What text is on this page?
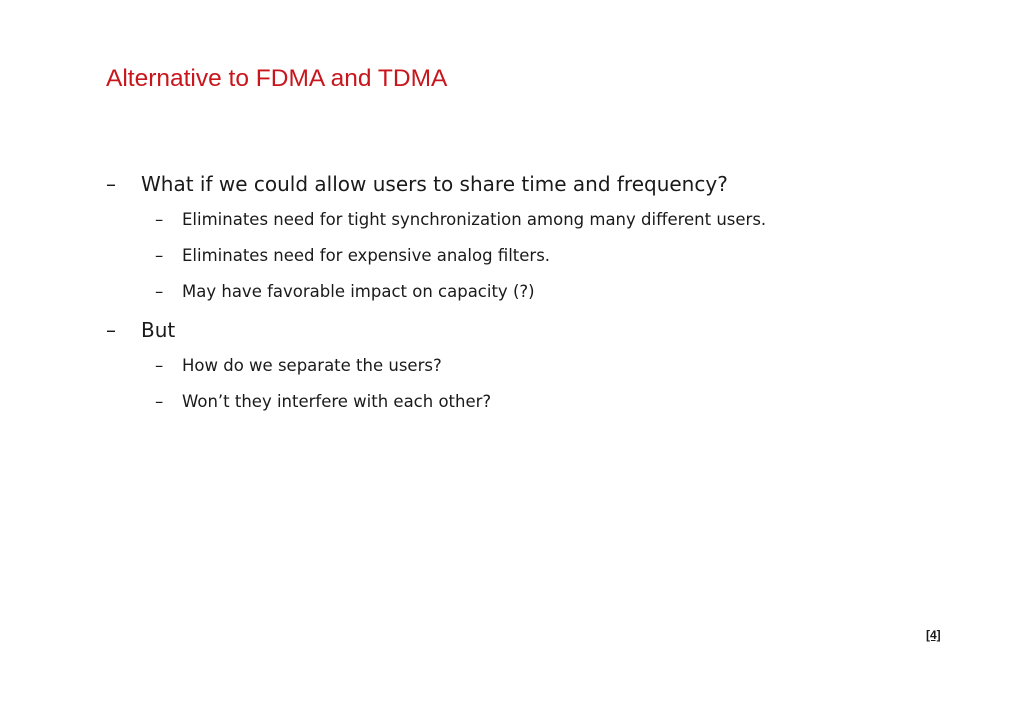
Alternative to FDMA and TDMA
–	What if we could allow users to share time and frequency?
–	Eliminates need for tight synchronization among many different users.
–	Eliminates need for expensive analog filters.
–	May have favorable impact on capacity (?)
–	But
–	How do we separate the users?
–	Won’t they interfere with each other?
[4]
